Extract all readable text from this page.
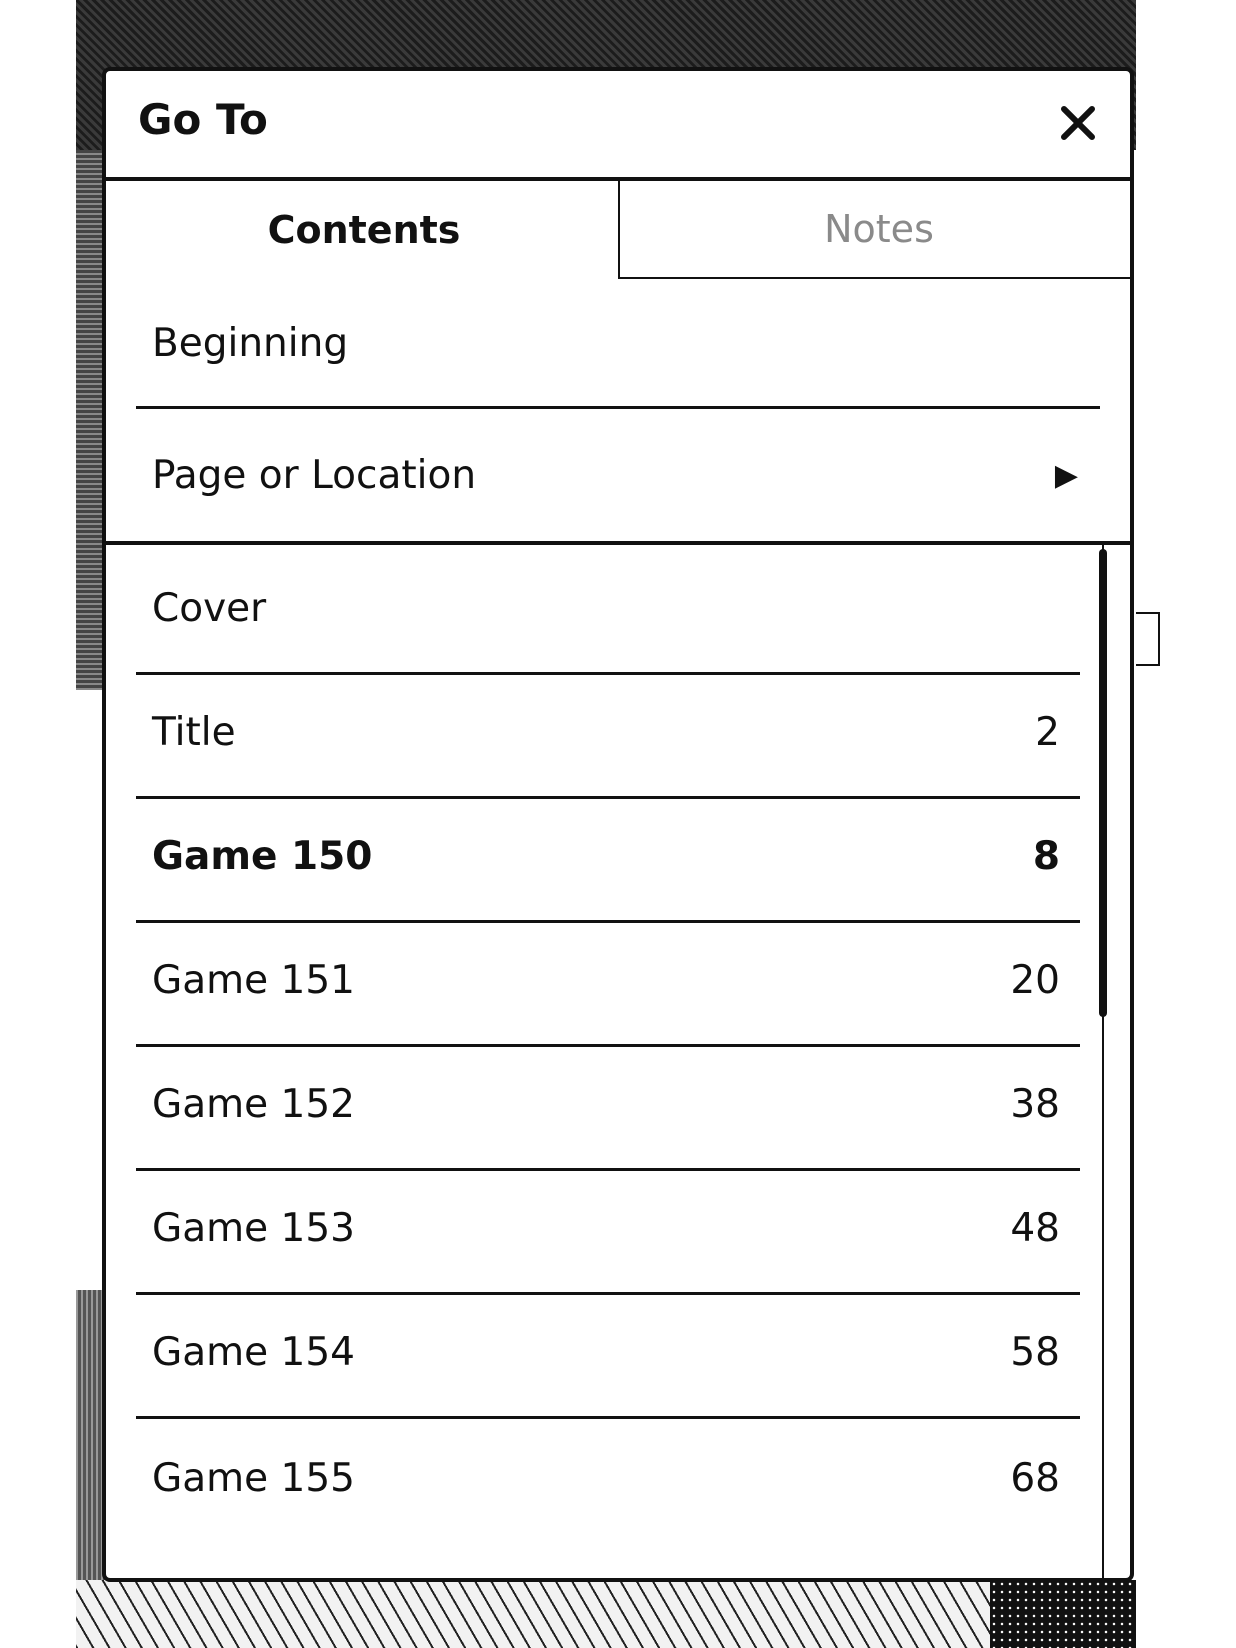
Go To
Contents	Notes
Beginning
Page or Location	▶
Cover
Title	2
Game 150	8
Game 151	20
Game 152	38
Game 153	48
Game 154	58
Game 155	68
